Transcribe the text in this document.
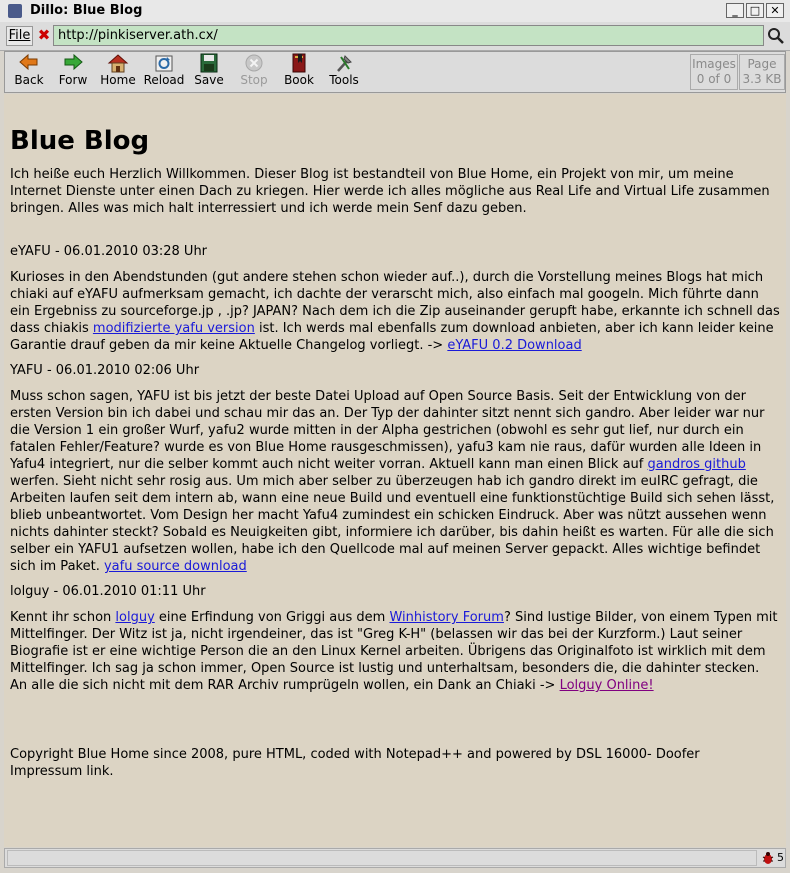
Dillo: Blue Blog	_	□ ✕
File ✖ http://pinkiserver.ath.cx/
Back	Forw	Home Reload Save	Stop	Book	Tools
Images
0 of 0
Page
3.3 KB
Blue Blog

Ich heiße euch Herzlich Willkommen. Dieser Blog ist bestandteil von Blue Home, ein Projekt von mir, um meine Internet Dienste unter einen Dach zu kriegen. Hier werde ich alles mögliche aus Real Life and Virtual Life zusammen bringen. Alles was mich halt interressiert und ich werde mein Senf dazu geben.

eYAFU - 06.01.2010 03:28 Uhr

Kurioses in den Abendstunden (gut andere stehen schon wieder auf..), durch die Vorstellung meines Blogs hat mich chiaki auf eYAFU aufmerksam gemacht, ich dachte der verarscht mich, also einfach mal googeln. Mich führte dann ein Ergebniss zu sourceforge.jp , .jp? JAPAN? Nach dem ich die Zip auseinander gerupft habe, erkannte ich schnell das dass chiakis modifizierte yafu version ist. Ich werds mal ebenfalls zum download anbieten, aber ich kann leider keine Garantie drauf geben da mir keine Aktuelle Changelog vorliegt. -> eYAFU 0.2 Download

YAFU - 06.01.2010 02:06 Uhr

Muss schon sagen, YAFU ist bis jetzt der beste Datei Upload auf Open Source Basis. Seit der Entwicklung von der ersten Version bin ich dabei und schau mir das an. Der Typ der dahinter sitzt nennt sich gandro. Aber leider war nur die Version 1 ein großer Wurf, yafu2 wurde mitten in der Alpha gestrichen (obwohl es sehr gut lief, nur durch ein fatalen Fehler/Feature? wurde es von Blue Home rausgeschmissen), yafu3 kam nie raus, dafür wurden alle Ideen in Yafu4 integriert, nur die selber kommt auch nicht weiter vorran. Aktuell kann man einen Blick auf gandros github werfen. Sieht nicht sehr rosig aus. Um mich aber selber zu überzeugen hab ich gandro direkt im euIRC gefragt, die Arbeiten laufen seit dem intern ab, wann eine neue Build und eventuell eine funktionstüchtige Build sich sehen lässt, blieb unbeantwortet. Vom Design her macht Yafu4 zumindest ein schicken Eindruck. Aber was nützt aussehen wenn nichts dahinter steckt? Sobald es Neuigkeiten gibt, informiere ich darüber, bis dahin heißt es warten. Für alle die sich selber ein YAFU1 aufsetzen wollen, habe ich den Quellcode mal auf meinen Server gepackt. Alles wichtige befindet sich im Paket. yafu source download

lolguy - 06.01.2010 01:11 Uhr

Kennt ihr schon lolguy eine Erfindung von Griggi aus dem Winhistory Forum? Sind lustige Bilder, von einem Typen mit Mittelfinger. Der Witz ist ja, nicht irgendeiner, das ist "Greg K-H" (belassen wir das bei der Kurzform.) Laut seiner Biografie ist er eine wichtige Person die an den Linux Kernel arbeiten. Übrigens das Originalfoto ist wirklich mit dem Mittelfinger. Ich sag ja schon immer, Open Source ist lustig und unterhaltsam, besonders die, die dahinter stecken. An alle die sich nicht mit dem RAR Archiv rumprügeln wollen, ein Dank an Chiaki -> Lolguy Online!

Copyright Blue Home since 2008, pure HTML, coded with Notepad++ and powered by DSL 16000- Doofer
Impressum link.

5
